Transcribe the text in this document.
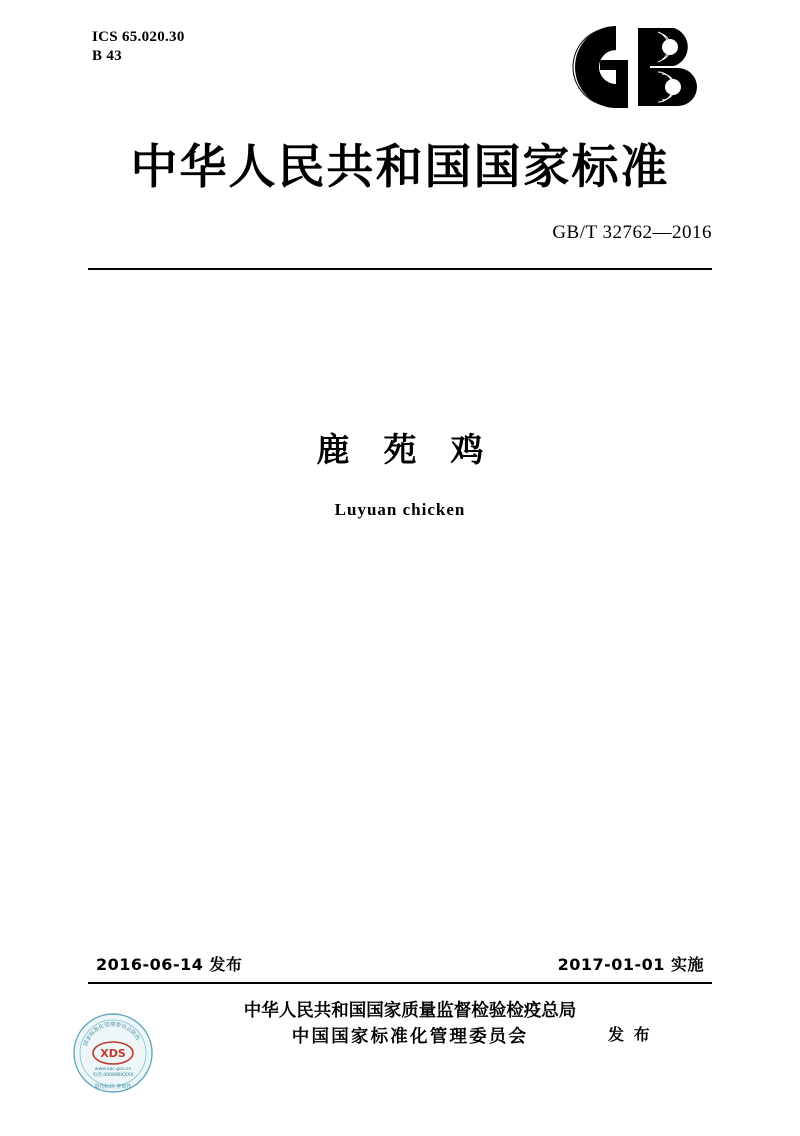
ICS 65.020.30
B 43
中华人民共和国国家标准
GB/T 32762—2016
鹿苑鸡
Luyuan chicken
2016-06-14 发布	2017-01-01 实施
中华人民共和国国家质量监督检验检疫总局
中国国家标准化管理委员会	发 布
国家标准化管理委员会防伪
XDS
www.sac.gov.cn
电话:400698XXXX
防伪标识 查询件
